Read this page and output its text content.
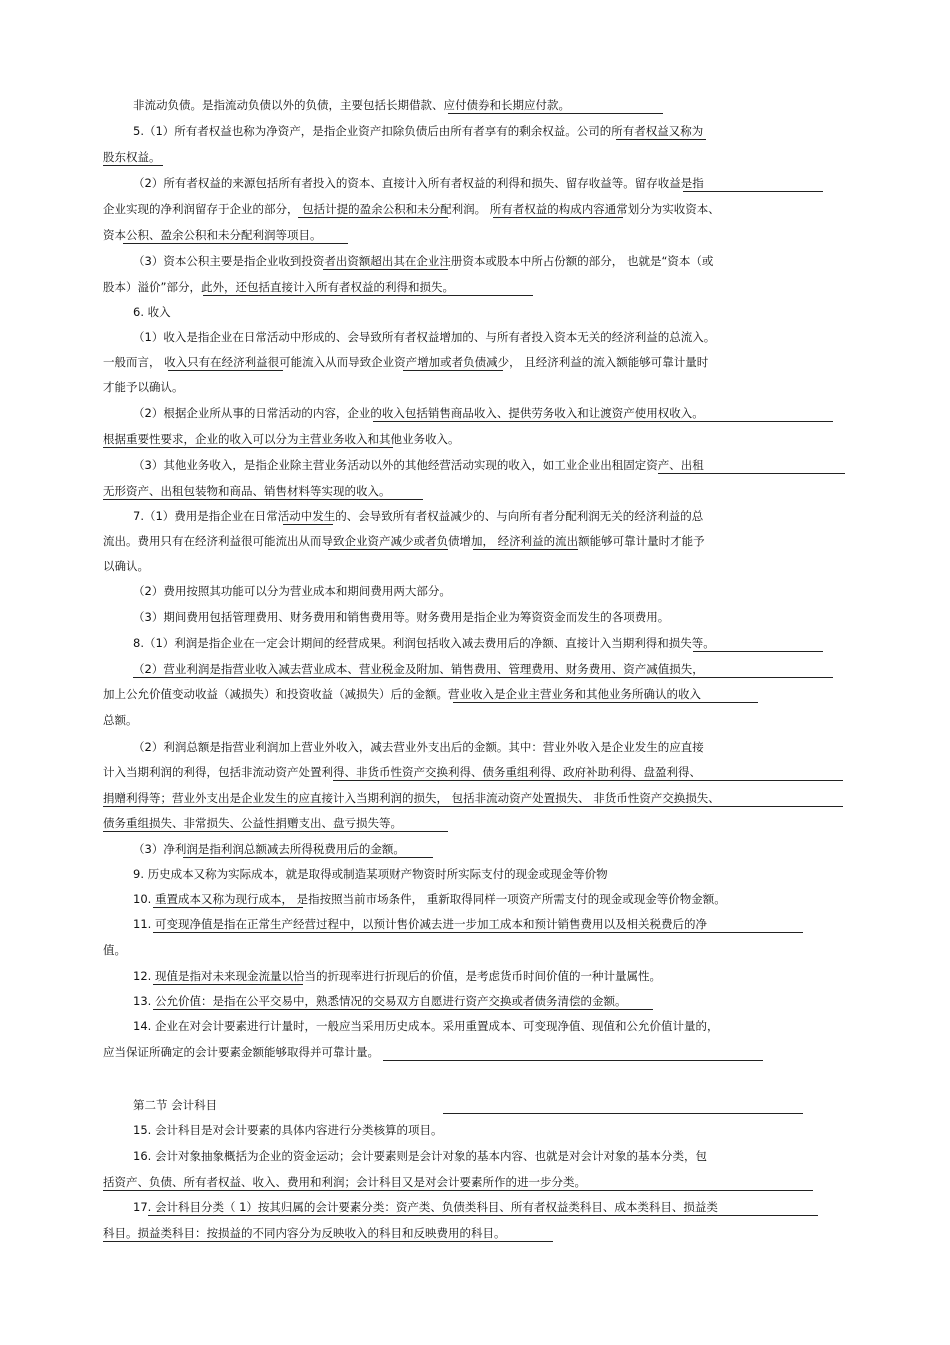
非流动负债。是指流动负债以外的负债，主要包括长期借款、应付债券和长期应付款。
5.（1）所有者权益也称为净资产，是指企业资产扣除负债后由所有者享有的剩余权益。公司的所有者权益又称为
股东权益。
（2）所有者权益的来源包括所有者投入的资本、直接计入所有者权益的利得和损失、留存收益等。留存收益是指
企业实现的净利润留存于企业的部分， 包括计提的盈余公积和未分配利润。 所有者权益的构成内容通常划分为实收资本、
资本公积、盈余公积和未分配利润等项目。
（3）资本公积主要是指企业收到投资者出资额超出其在企业注册资本或股本中所占份额的部分， 也就是“资本（或
股本）溢价”部分，此外，还包括直接计入所有者权益的利得和损失。
6. 收入
（1）收入是指企业在日常活动中形成的、会导致所有者权益增加的、与所有者投入资本无关的经济利益的总流入。
一般而言， 收入只有在经济利益很可能流入从而导致企业资产增加或者负债减少， 且经济利益的流入额能够可靠计量时
才能予以确认。
（2）根据企业所从事的日常活动的内容，企业的收入包括销售商品收入、提供劳务收入和让渡资产使用权收入。
根据重要性要求，企业的收入可以分为主营业务收入和其他业务收入。
（3）其他业务收入，是指企业除主营业务活动以外的其他经营活动实现的收入，如工业企业出租固定资产、出租
无形资产、出租包装物和商品、销售材料等实现的收入。
7.（1）费用是指企业在日常活动中发生的、会导致所有者权益减少的、与向所有者分配利润无关的经济利益的总
流出。费用只有在经济利益很可能流出从而导致企业资产减少或者负债增加， 经济利益的流出额能够可靠计量时才能予
以确认。
（2）费用按照其功能可以分为营业成本和期间费用两大部分。
（3）期间费用包括管理费用、财务费用和销售费用等。财务费用是指企业为筹资资金而发生的各项费用。
8.（1）利润是指企业在一定会计期间的经营成果。利润包括收入减去费用后的净额、直接计入当期利得和损失等。
（2）营业利润是指营业收入减去营业成本、营业税金及附加、销售费用、管理费用、财务费用、资产减值损失，
加上公允价值变动收益（减损失）和投资收益（减损失）后的金额。营业收入是企业主营业务和其他业务所确认的收入
总额。
（2）利润总额是指营业利润加上营业外收入，减去营业外支出后的金额。其中：营业外收入是企业发生的应直接
计入当期利润的利得，包括非流动资产处置利得、非货币性资产交换利得、债务重组利得、政府补助利得、盘盈利得、
捐赠利得等；营业外支出是企业发生的应直接计入当期利润的损失， 包括非流动资产处置损失、 非货币性资产交换损失、
债务重组损失、非常损失、公益性捐赠支出、盘亏损失等。
（3）净利润是指利润总额减去所得税费用后的金额。
9. 历史成本又称为实际成本，就是取得或制造某项财产物资时所实际支付的现金或现金等价物
10. 重置成本又称为现行成本， 是指按照当前市场条件， 重新取得同样一项资产所需支付的现金或现金等价物金额。
11. 可变现净值是指在正常生产经营过程中，以预计售价减去进一步加工成本和预计销售费用以及相关税费后的净
值。
12. 现值是指对未来现金流量以恰当的折现率进行折现后的价值，是考虑货币时间价值的一种计量属性。
13. 公允价值：是指在公平交易中，熟悉情况的交易双方自愿进行资产交换或者债务清偿的金额。
14. 企业在对会计要素进行计量时，一般应当采用历史成本。采用重置成本、可变现净值、现值和公允价值计量的，
应当保证所确定的会计要素金额能够取得并可靠计量。
第二节 会计科目
15. 会计科目是对会计要素的具体内容进行分类核算的项目。
16. 会计对象抽象概括为企业的资金运动；会计要素则是会计对象的基本内容、也就是对会计对象的基本分类，包
括资产、负债、所有者权益、收入、费用和利润；会计科目又是对会计要素所作的进一步分类。
17. 会计科目分类（ 1）按其归属的会计要素分类：资产类、负债类科目、所有者权益类科目、成本类科目、损益类
科目。损益类科目：按损益的不同内容分为反映收入的科目和反映费用的科目。
